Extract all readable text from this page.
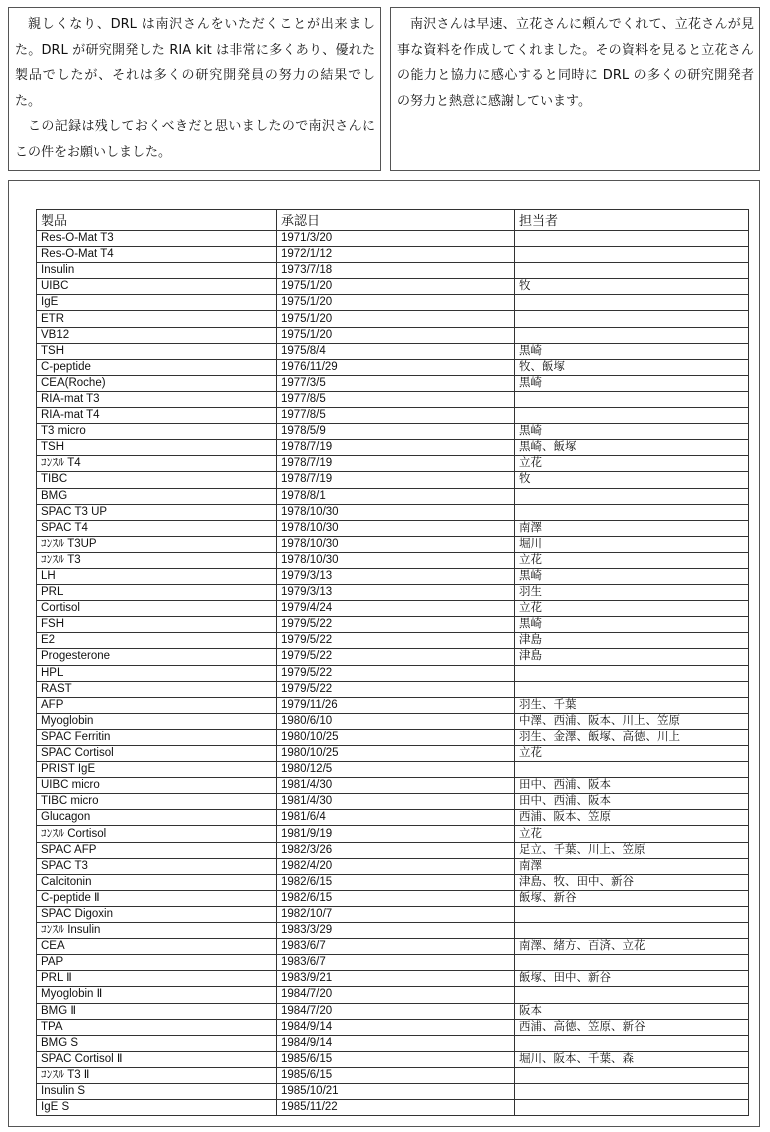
親しくなり、DRL は南沢さんをいただくことが出来ました。DRL が研究開発した RIA kit は非常に多くあり、優れた製品でしたが、それは多くの研究開発員の努力の結果でした。

この記録は残しておくべきだと思いましたので南沢さんにこの件をお願いしました。

南沢さんは早速、立花さんに頼んでくれて、立花さんが見事な資料を作成してくれました。その資料を見ると立花さんの能力と協力に感心すると同時に DRL の多くの研究開発者の努力と熱意に感謝しています。

製品	承認日	担当者
Res-O-Mat T3	1971/3/20	
Res-O-Mat T4	1972/1/12	
Insulin	1973/7/18	
UIBC	1975/1/20	牧
IgE	1975/1/20	
ETR	1975/1/20	
VB12	1975/1/20	
TSH	1975/8/4	黒崎
C-peptide	1976/11/29	牧、飯塚
CEA(Roche)	1977/3/5	黒崎
RIA-mat T3	1977/8/5	
RIA-mat T4	1977/8/5	
T3 micro	1978/5/9	黒崎
TSH	1978/7/19	黒崎、飯塚
ｺﾝｽﾙ T4	1978/7/19	立花
TIBC	1978/7/19	牧
BMG	1978/8/1	
SPAC T3 UP	1978/10/30	
SPAC T4	1978/10/30	南澤
ｺﾝｽﾙ T3UP	1978/10/30	堀川
ｺﾝｽﾙ T3	1978/10/30	立花
LH	1979/3/13	黒崎
PRL	1979/3/13	羽生
Cortisol	1979/4/24	立花
FSH	1979/5/22	黒崎
E2	1979/5/22	津島
Progesterone	1979/5/22	津島
HPL	1979/5/22	
RAST	1979/5/22	
AFP	1979/11/26	羽生、千葉
Myoglobin	1980/6/10	中澤、西浦、阪本、川上、笠原
SPAC Ferritin	1980/10/25	羽生、金澤、飯塚、高徳、川上
SPAC Cortisol	1980/10/25	立花
PRIST IgE	1980/12/5	
UIBC micro	1981/4/30	田中、西浦、阪本
TIBC micro	1981/4/30	田中、西浦、阪本
Glucagon	1981/6/4	西浦、阪本、笠原
ｺﾝｽﾙ Cortisol	1981/9/19	立花
SPAC AFP	1982/3/26	足立、千葉、川上、笠原
SPAC T3	1982/4/20	南澤
Calcitonin	1982/6/15	津島、牧、田中、新谷
C-peptide Ⅱ	1982/6/15	飯塚、新谷
SPAC Digoxin	1982/10/7	
ｺﾝｽﾙ Insulin	1983/3/29	
CEA	1983/6/7	南澤、緒方、百済、立花
PAP	1983/6/7	
PRL Ⅱ	1983/9/21	飯塚、田中、新谷
Myoglobin Ⅱ	1984/7/20	
BMG Ⅱ	1984/7/20	阪本
TPA	1984/9/14	西浦、高徳、笠原、新谷
BMG S	1984/9/14	
SPAC Cortisol Ⅱ	1985/6/15	堀川、阪本、千葉、森
ｺﾝｽﾙ T3 Ⅱ	1985/6/15	
Insulin S	1985/10/21	
IgE S	1985/11/22	
